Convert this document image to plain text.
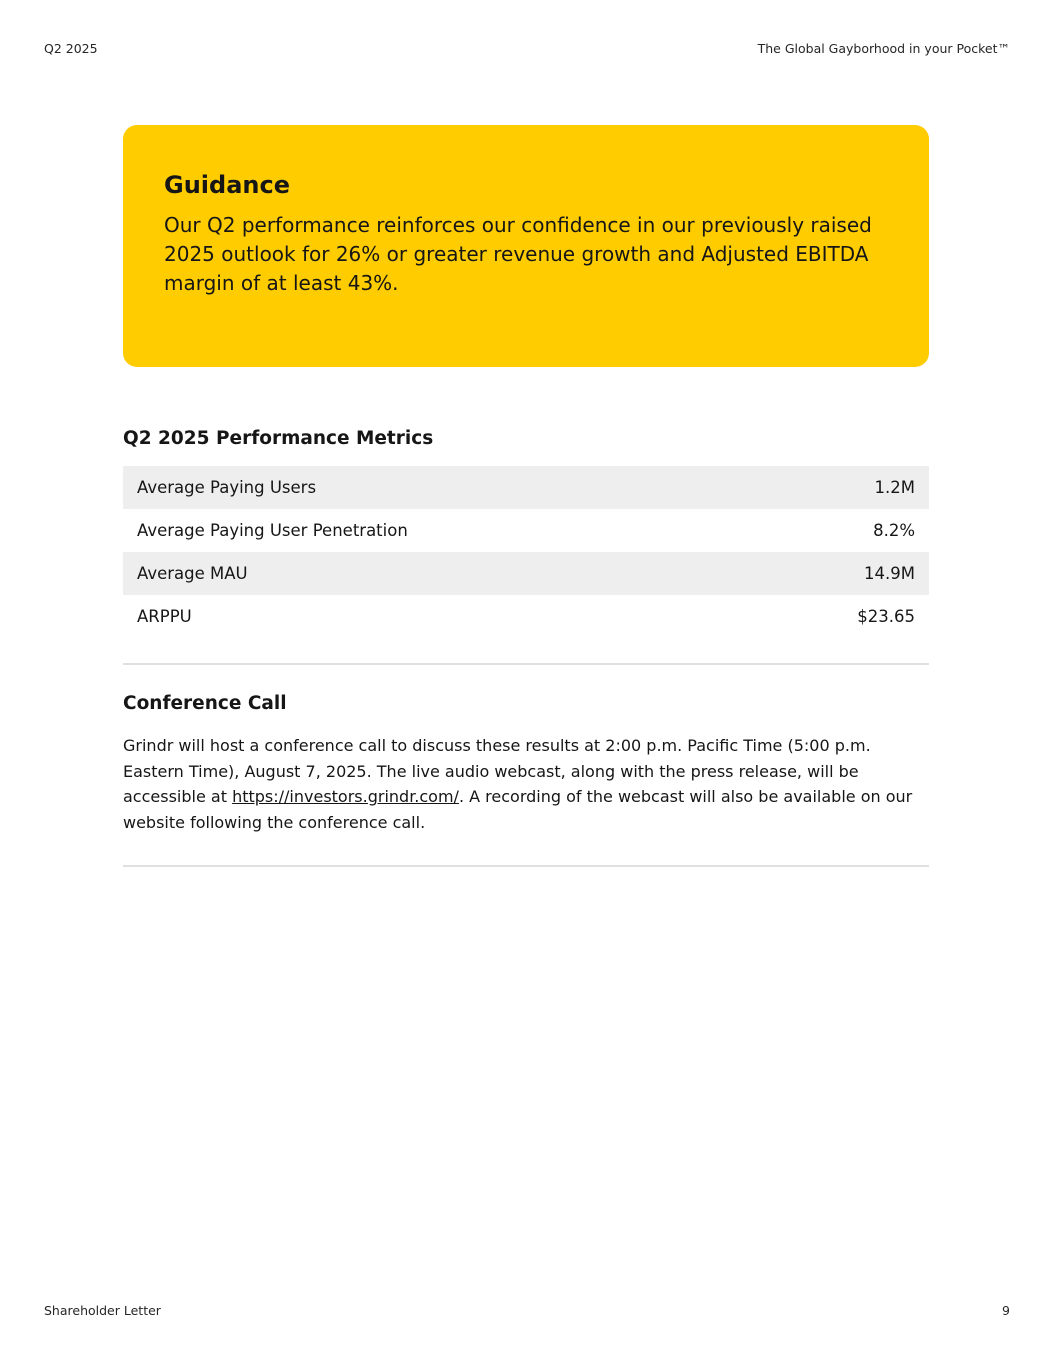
Q2 2025	The Global Gayborhood in your Pocket™
Guidance

Our Q2 performance reinforces our confidence in our previously raised 2025 outlook for 26% or greater revenue growth and Adjusted EBITDA margin of at least 43%.

Q2 2025 Performance Metrics
Average Paying Users	1.2M
Average Paying User Penetration	8.2%
Average MAU	14.9M
ARPPU	$23.65
Conference Call

Grindr will host a conference call to discuss these results at 2:00 p.m. Pacific Time (5:00 p.m. Eastern Time), August 7, 2025. The live audio webcast, along with the press release, will be accessible at https://investors.grindr.com/. A recording of the webcast will also be available on our website following the conference call.

Shareholder Letter	9
